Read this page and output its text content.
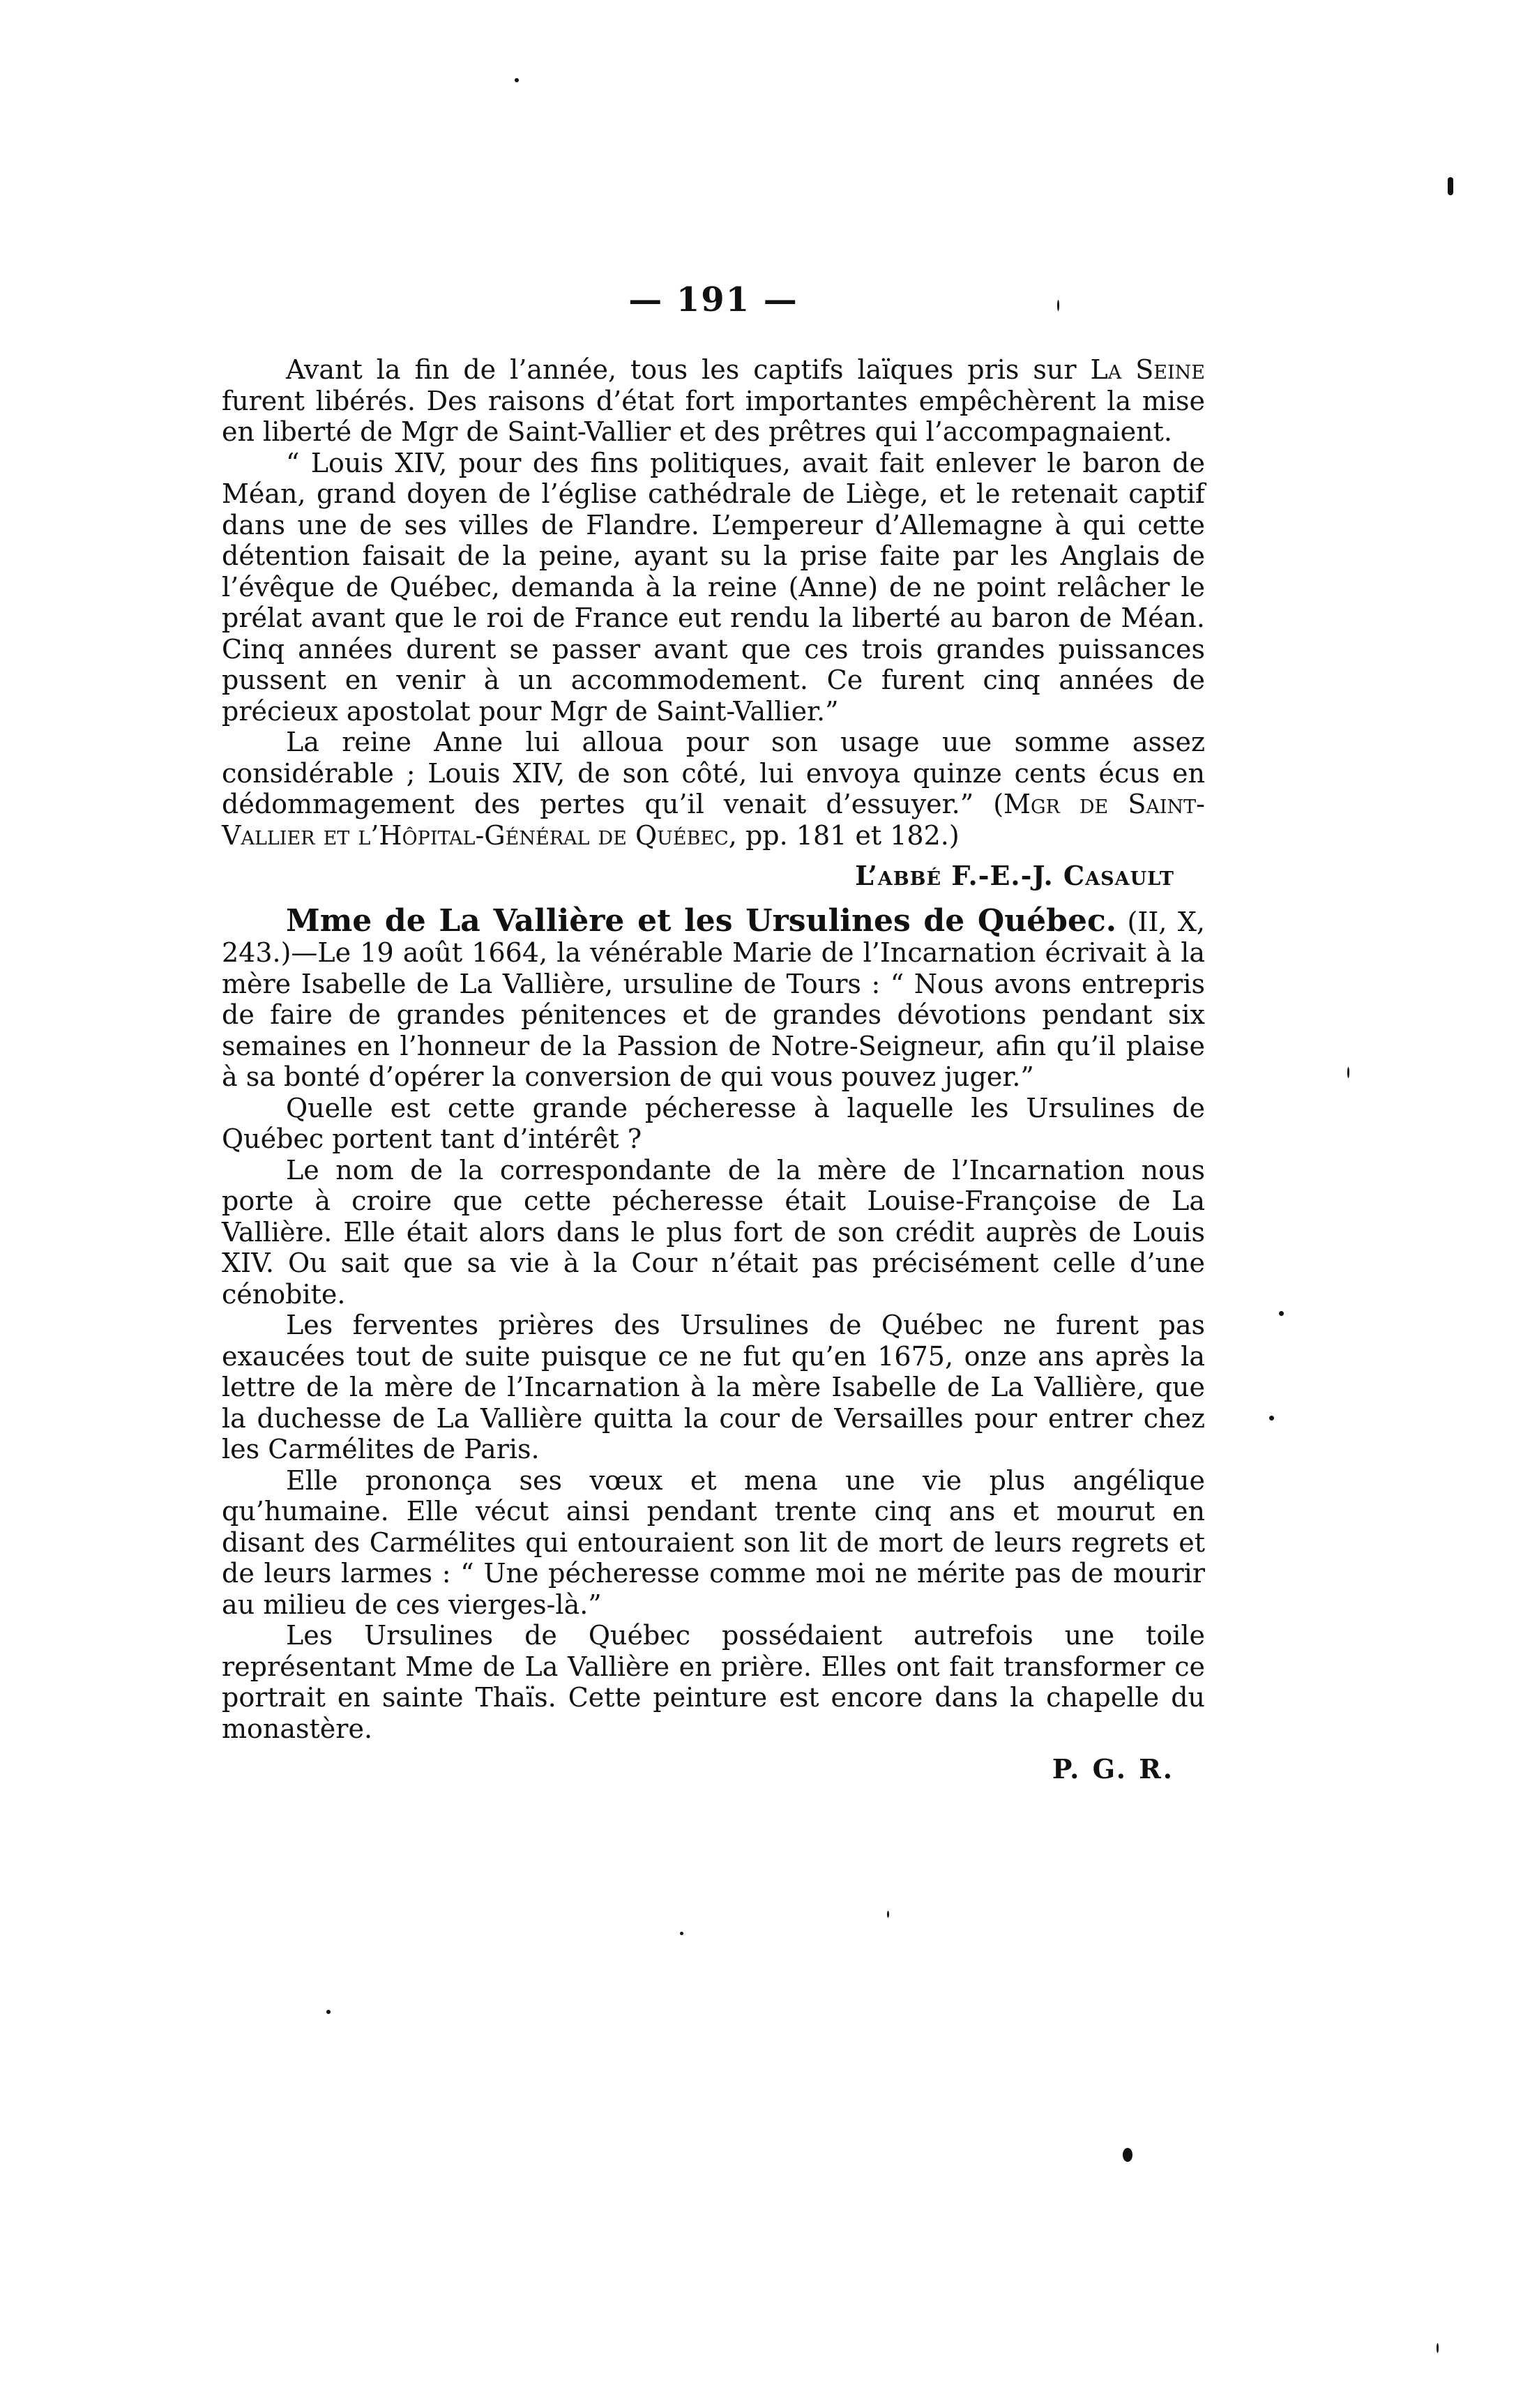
— 191 —

Avant la fin de l’année, tous les captifs laïques pris sur La Seine furent libérés. Des raisons d’état fort importantes empêchèrent la mise en liberté de Mgr de Saint-Vallier et des prêtres qui l’accompagnaient.

“ Louis XIV, pour des fins politiques, avait fait enlever le baron de Méan, grand doyen de l’église cathédrale de Liège, et le retenait captif dans une de ses villes de Flandre. L’empereur d’Allemagne à qui cette détention faisait de la peine, ayant su la prise faite par les Anglais de l’évêque de Québec, demanda à la reine (Anne) de ne point relâcher le prélat avant que le roi de France eut rendu la liberté au baron de Méan. Cinq années durent se passer avant que ces trois grandes puissances pussent en venir à un accommodement. Ce furent cinq années de précieux apostolat pour Mgr de Saint-Vallier.”

La reine Anne lui alloua pour son usage uue somme assez considérable ; Louis XIV, de son côté, lui envoya quinze cents écus en dédommagement des pertes qu’il venait d’essuyer.” (Mgr de Saint-Vallier et l’Hôpital-Général de Québec, pp. 181 et 182.)

L’abbé F.-E.-J. Casault

Mme de La Vallière et les Ursulines de Québec. (II, X, 243.)—Le 19 août 1664, la vénérable Marie de l’Incarnation écrivait à la mère Isabelle de La Vallière, ursuline de Tours : “ Nous avons entrepris de faire de grandes pénitences et de grandes dévotions pendant six semaines en l’honneur de la Passion de Notre-Seigneur, afin qu’il plaise à sa bonté d’opérer la conversion de qui vous pouvez juger.”

Quelle est cette grande pécheresse à laquelle les Ursulines de Québec portent tant d’intérêt ?

Le nom de la correspondante de la mère de l’Incarnation nous porte à croire que cette pécheresse était Louise-Françoise de La Vallière. Elle était alors dans le plus fort de son crédit auprès de Louis XIV. Ou sait que sa vie à la Cour n’était pas précisément celle d’une cénobite.

Les ferventes prières des Ursulines de Québec ne furent pas exaucées tout de suite puisque ce ne fut qu’en 1675, onze ans après la lettre de la mère de l’Incarnation à la mère Isabelle de La Vallière, que la duchesse de La Vallière quitta la cour de Versailles pour entrer chez les Carmélites de Paris.

Elle prononça ses vœux et mena une vie plus angélique qu’humaine. Elle vécut ainsi pendant trente cinq ans et mourut en disant des Carmélites qui entouraient son lit de mort de leurs regrets et de leurs larmes : “ Une pécheresse comme moi ne mérite pas de mourir au milieu de ces vierges-là.”

Les Ursulines de Québec possédaient autrefois une toile représentant Mme de La Vallière en prière. Elles ont fait transformer ce portrait en sainte Thaïs. Cette peinture est encore dans la chapelle du monastère.

P. G. R.
